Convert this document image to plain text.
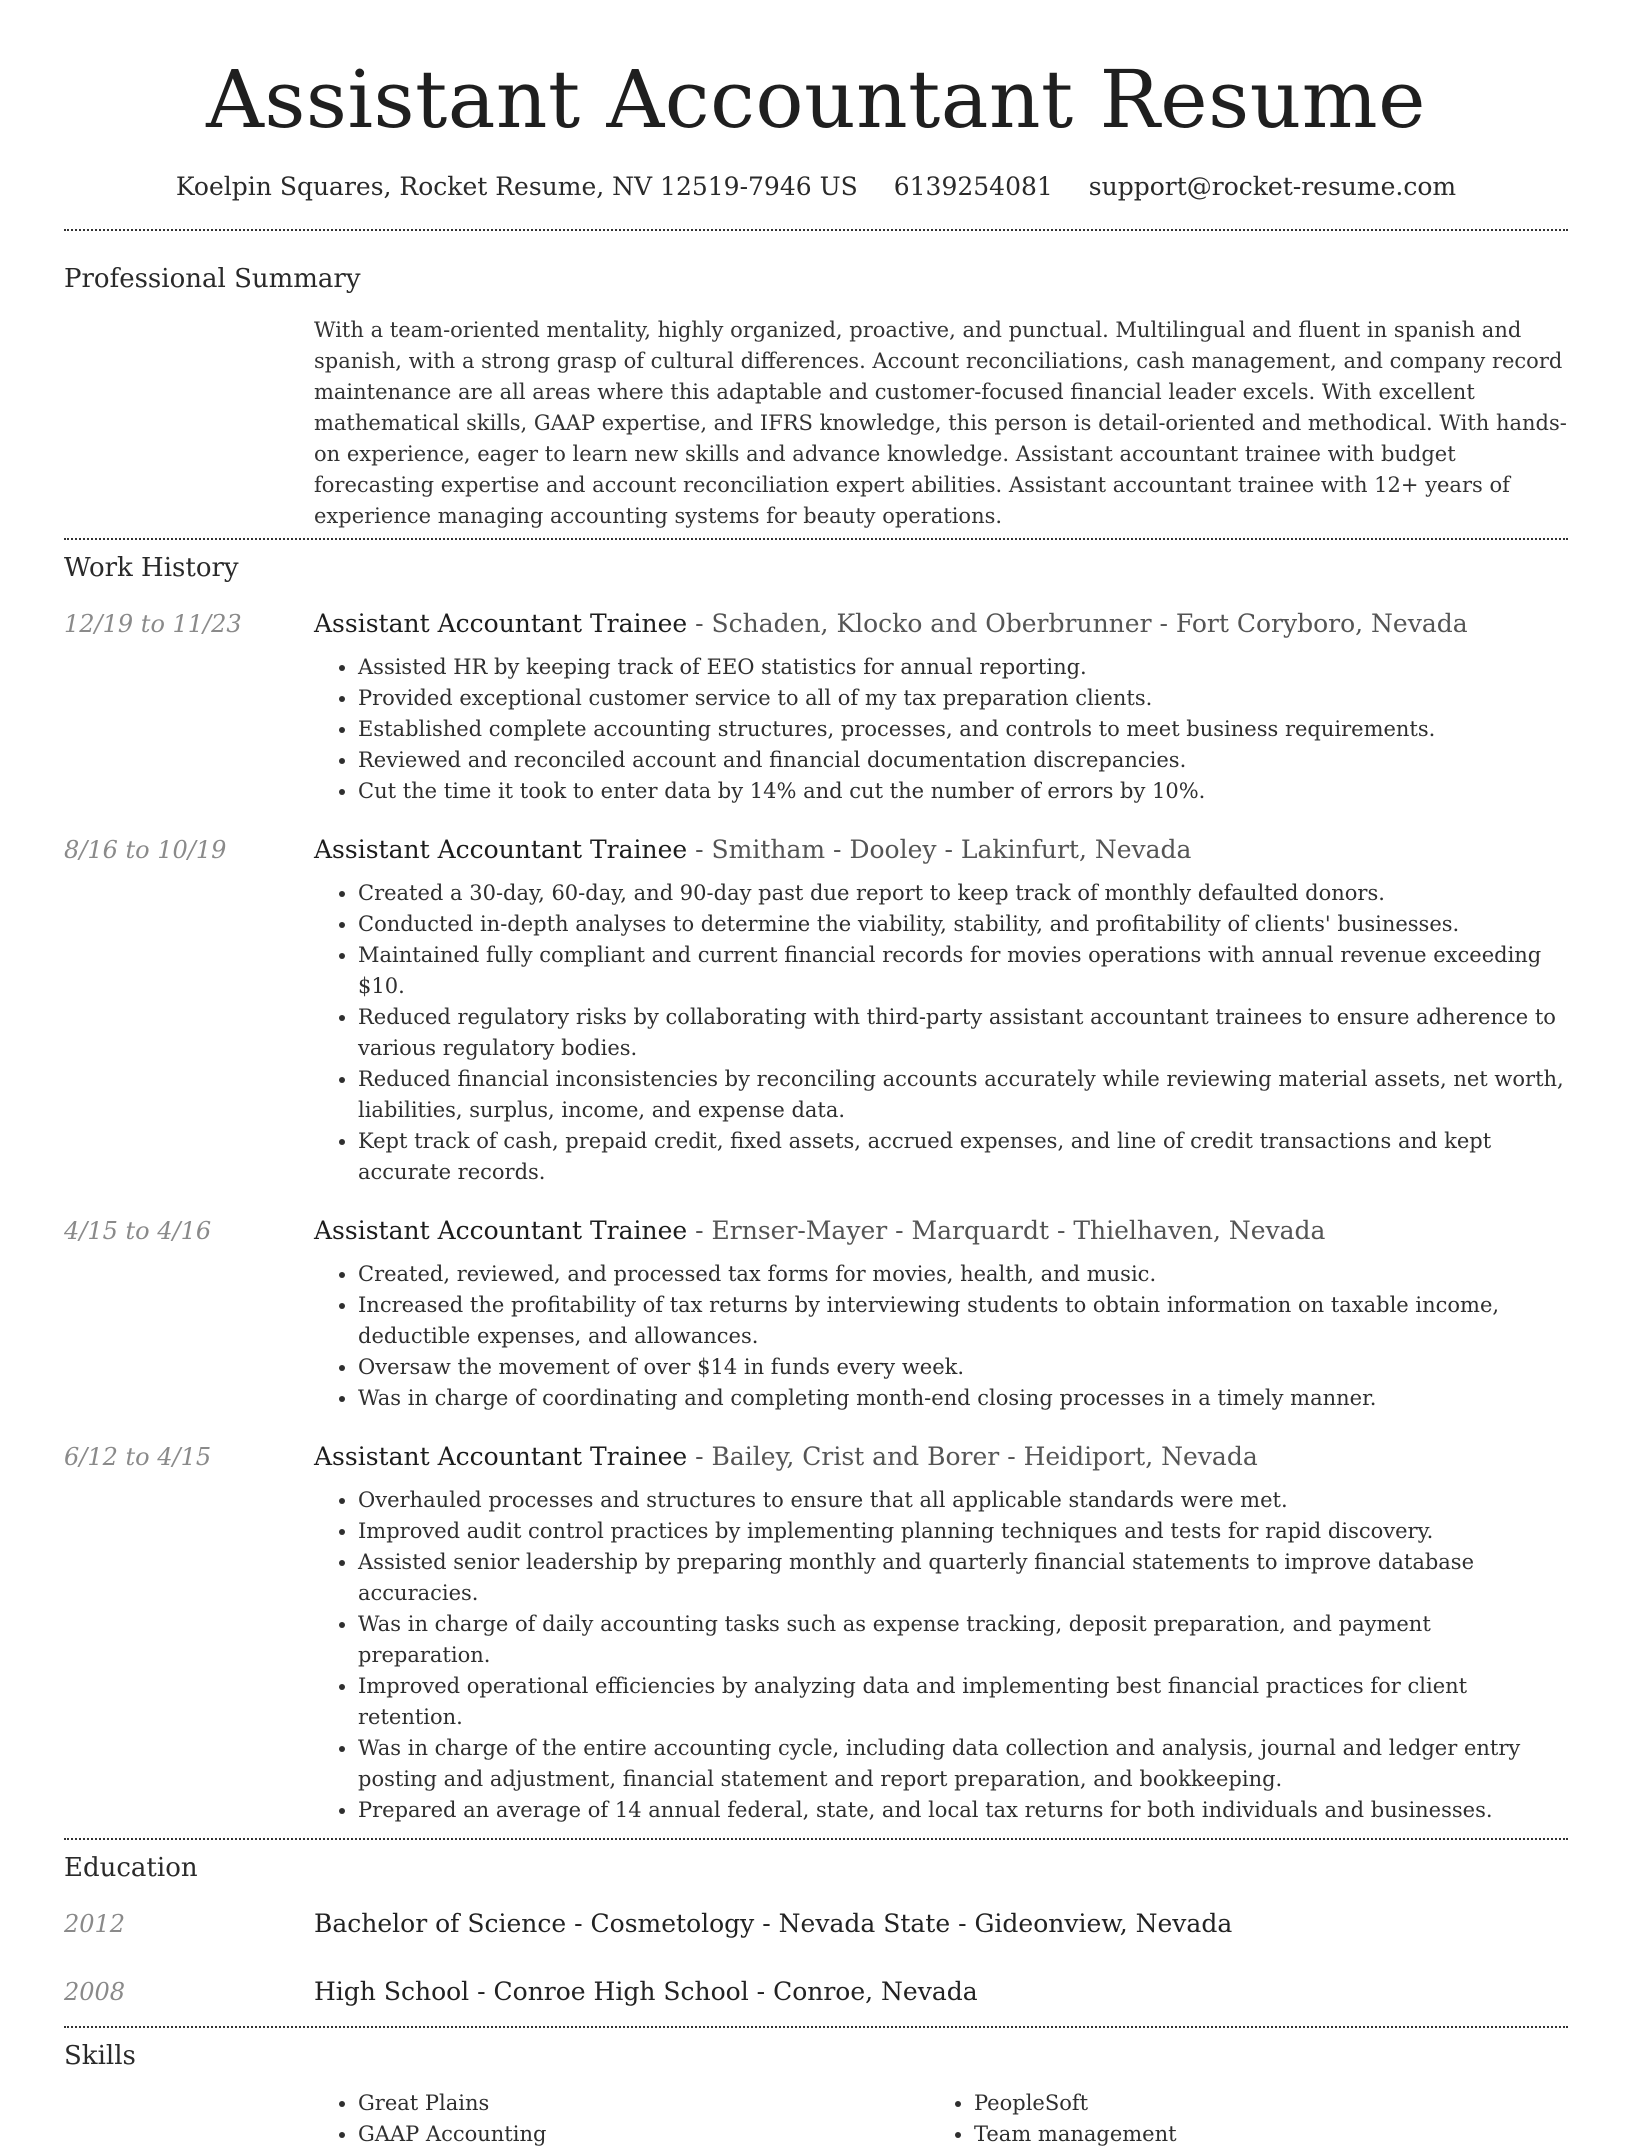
Assistant Accountant Resume
Koelpin Squares, Rocket Resume, NV 12519-7946 US 6139254081 support@rocket-resume.com
Professional Summary
With a team-oriented mentality, highly organized, proactive, and punctual. Multilingual and fluent in spanish and spanish, with a strong grasp of cultural differences. Account reconciliations, cash management, and company record maintenance are all areas where this adaptable and customer-focused financial leader excels. With excellent mathematical skills, GAAP expertise, and IFRS knowledge, this person is detail-oriented and methodical. With hands-on experience, eager to learn new skills and advance knowledge. Assistant accountant trainee with budget forecasting expertise and account reconciliation expert abilities. Assistant accountant trainee with 12+ years of experience managing accounting systems for beauty operations.
Work History
12/19 to 11/23	Assistant Accountant Trainee - Schaden, Klocko and Oberbrunner - Fort Coryboro, Nevada
• Assisted HR by keeping track of EEO statistics for annual reporting.
• Provided exceptional customer service to all of my tax preparation clients.
• Established complete accounting structures, processes, and controls to meet business requirements.
• Reviewed and reconciled account and financial documentation discrepancies.
• Cut the time it took to enter data by 14% and cut the number of errors by 10%.
8/16 to 10/19	Assistant Accountant Trainee - Smitham - Dooley - Lakinfurt, Nevada
• Created a 30-day, 60-day, and 90-day past due report to keep track of monthly defaulted donors.
• Conducted in-depth analyses to determine the viability, stability, and profitability of clients' businesses.
• Maintained fully compliant and current financial records for movies operations with annual revenue exceeding $10.
• Reduced regulatory risks by collaborating with third-party assistant accountant trainees to ensure adherence to various regulatory bodies.
• Reduced financial inconsistencies by reconciling accounts accurately while reviewing material assets, net worth, liabilities, surplus, income, and expense data.
• Kept track of cash, prepaid credit, fixed assets, accrued expenses, and line of credit transactions and kept accurate records.
4/15 to 4/16	Assistant Accountant Trainee - Ernser-Mayer - Marquardt - Thielhaven, Nevada
• Created, reviewed, and processed tax forms for movies, health, and music.
• Increased the profitability of tax returns by interviewing students to obtain information on taxable income, deductible expenses, and allowances.
• Oversaw the movement of over $14 in funds every week.
• Was in charge of coordinating and completing month-end closing processes in a timely manner.
6/12 to 4/15	Assistant Accountant Trainee - Bailey, Crist and Borer - Heidiport, Nevada
• Overhauled processes and structures to ensure that all applicable standards were met.
• Improved audit control practices by implementing planning techniques and tests for rapid discovery.
• Assisted senior leadership by preparing monthly and quarterly financial statements to improve database accuracies.
• Was in charge of daily accounting tasks such as expense tracking, deposit preparation, and payment preparation.
• Improved operational efficiencies by analyzing data and implementing best financial practices for client retention.
• Was in charge of the entire accounting cycle, including data collection and analysis, journal and ledger entry posting and adjustment, financial statement and report preparation, and bookkeeping.
• Prepared an average of 14 annual federal, state, and local tax returns for both individuals and businesses.
Education
2012	Bachelor of Science - Cosmetology - Nevada State - Gideonview, Nevada
2008	High School - Conroe High School - Conroe, Nevada
Skills
• Great Plains
• GAAP Accounting
• PeopleSoft
• Team management
